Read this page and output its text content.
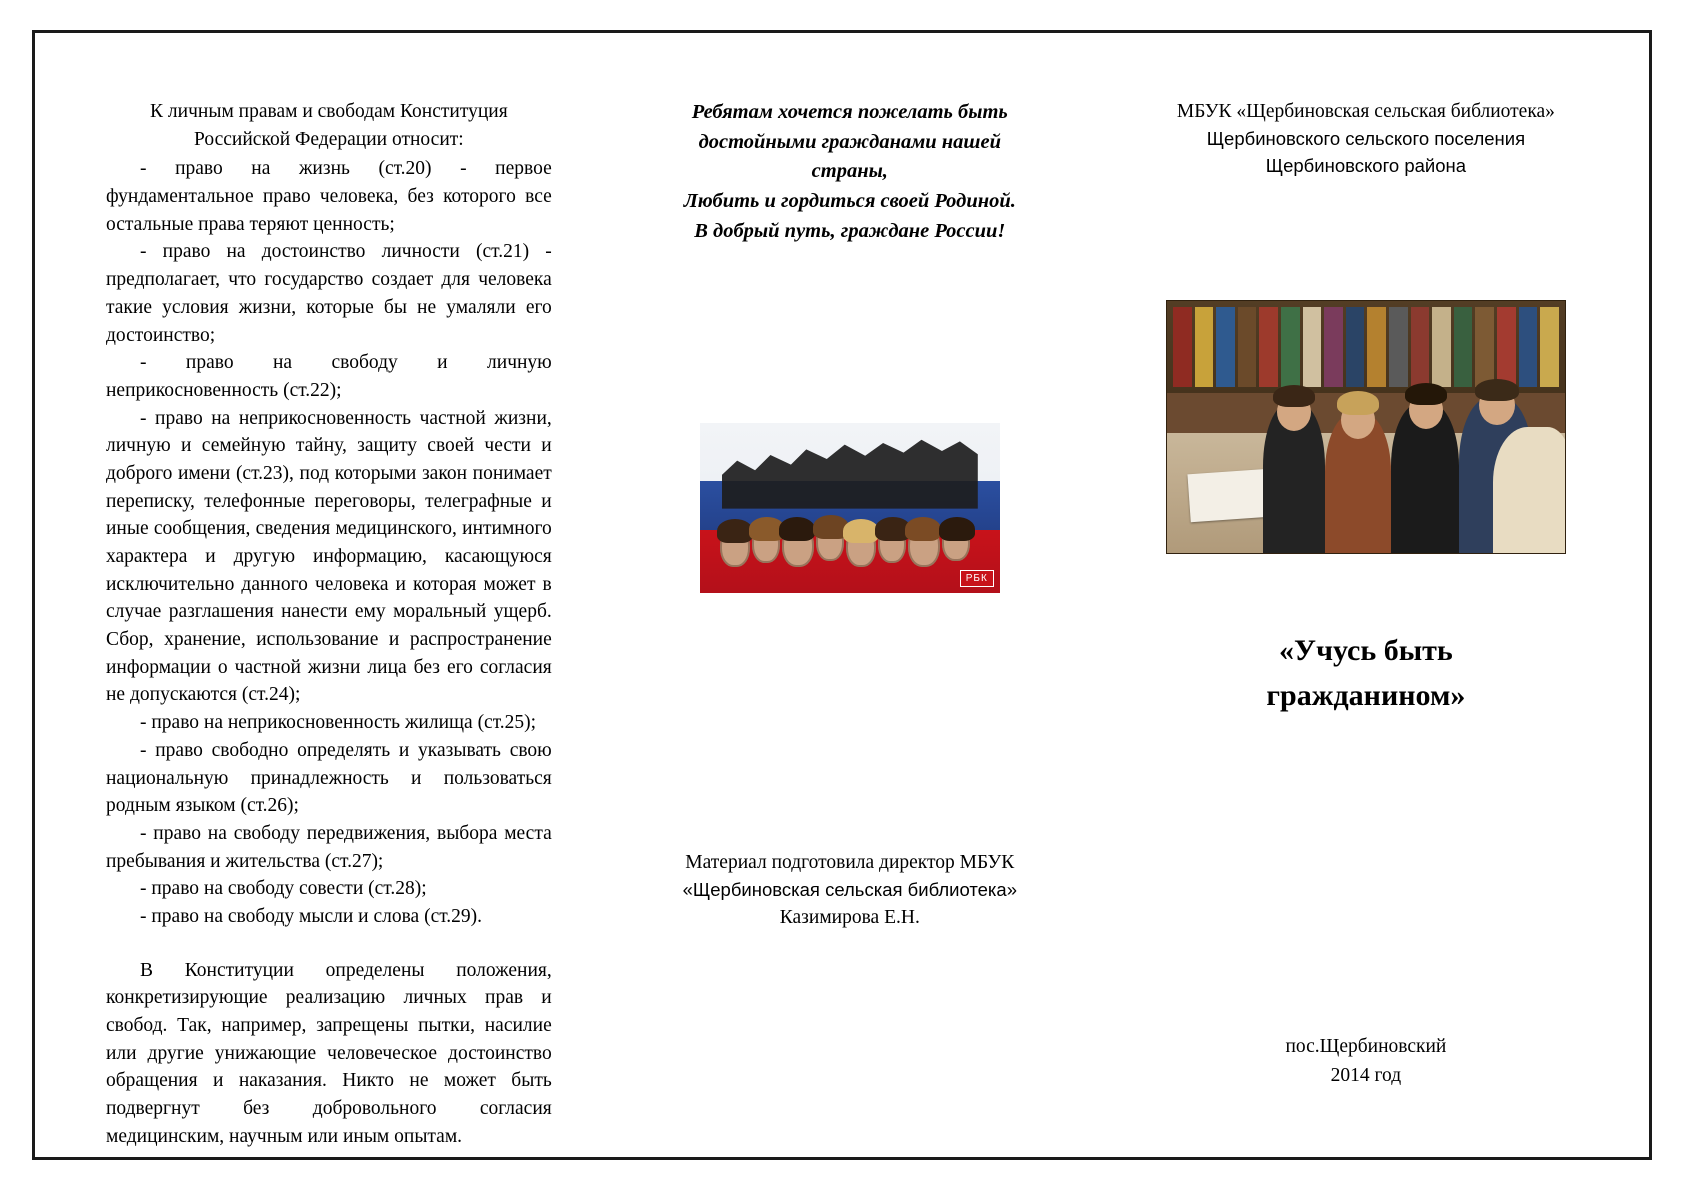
К личным правам и свободам Конституция
Российской Федерации относит:

- право на жизнь (ст.20) - первое фундаментальное право человека, без которого все остальные права теряют ценность;

- право на достоинство личности (ст.21) - предполагает, что государство создает для человека такие условия жизни, которые бы не умаляли его достоинство;

- право на свободу и личную неприкосновенность (ст.22);

- право на неприкосновенность частной жизни, личную и семейную тайну, защиту своей чести и доброго имени (ст.23), под которыми закон понимает переписку, телефонные переговоры, телеграфные и иные сообщения, сведения медицинского, интимного характера и другую информацию, касающуюся исключительно данного человека и которая может в случае разглашения нанести ему моральный ущерб. Сбор, хранение, использование и распространение информации о частной жизни лица без его согласия не допускаются (ст.24);

- право на неприкосновенность жилища (ст.25);

- право свободно определять и указывать свою национальную принадлежность и пользоваться родным языком (ст.26);

- право на свободу передвижения, выбора места пребывания и жительства (ст.27);

- право на свободу совести (ст.28);

- право на свободу мысли и слова (ст.29).

В Конституции определены положения, конкретизирующие реализацию личных прав и свобод. Так, например, запрещены пытки, насилие или другие унижающие человеческое достоинство обращения и наказания. Никто не может быть подвергнут без добровольного согласия медицинским, научным или иным опытам.

Ребятам хочется пожелать быть
достойными гражданами нашей
страны,
Любить и гордиться своей Родиной.
В добрый путь, граждане России!
РБК
Материал подготовила директор МБУК
«Щербиновская сельская библиотека»
Казимирова Е.Н.
МБУК «Щербиновская сельская библиотека»
Щербиновского сельского поселения
Щербиновского района
«Учусь быть
гражданином»
пос.Щербиновский
2014 год
